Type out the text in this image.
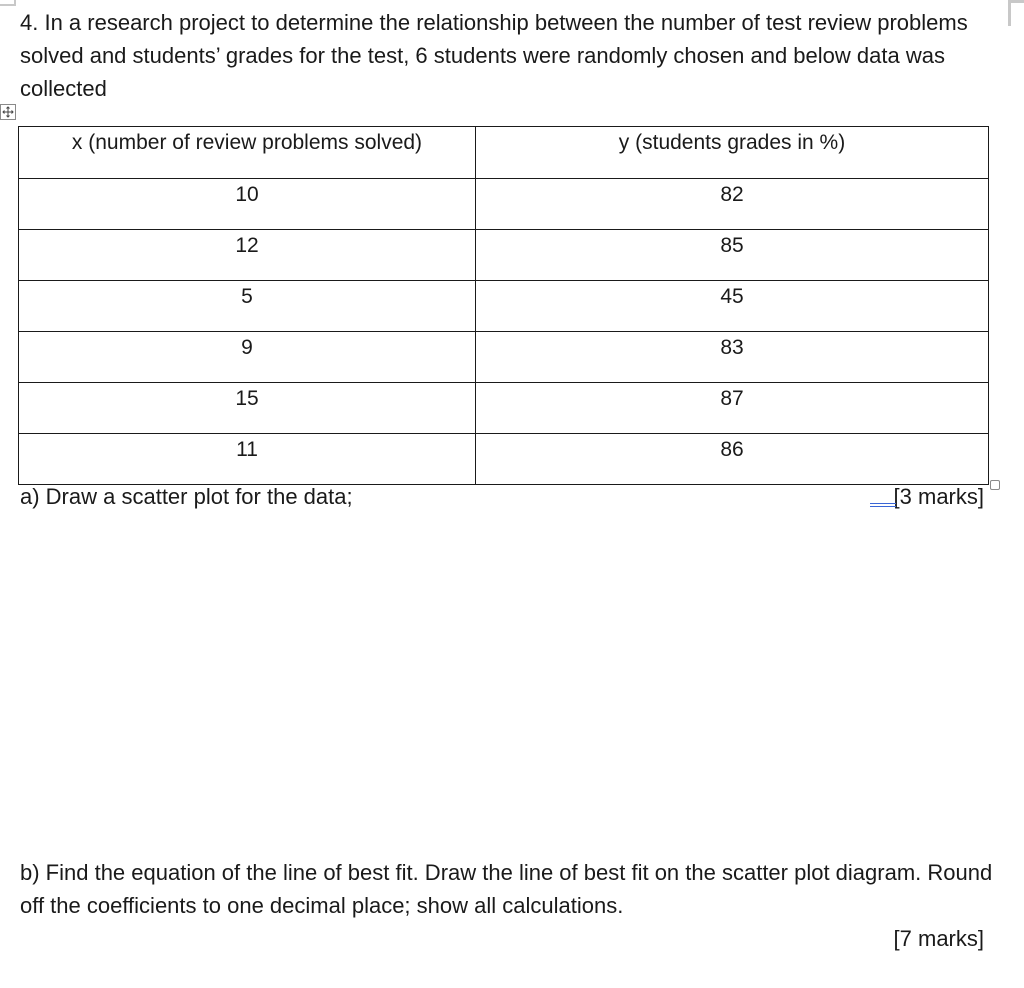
4. In a research project to determine the relationship between the number of test review problems solved and students’ grades for the test, 6 students were randomly chosen and below data was collected

x (number of review problems solved)	y (students grades in %)
10	82
12	85
5	45
9	83
15	87
11	86
a) Draw a scatter plot for the data;	[3 marks]

b) Find the equation of the line of best fit. Draw the line of best fit on the scatter plot diagram. Round off the coefficients to one decimal place; show all calculations.

[7 marks]
